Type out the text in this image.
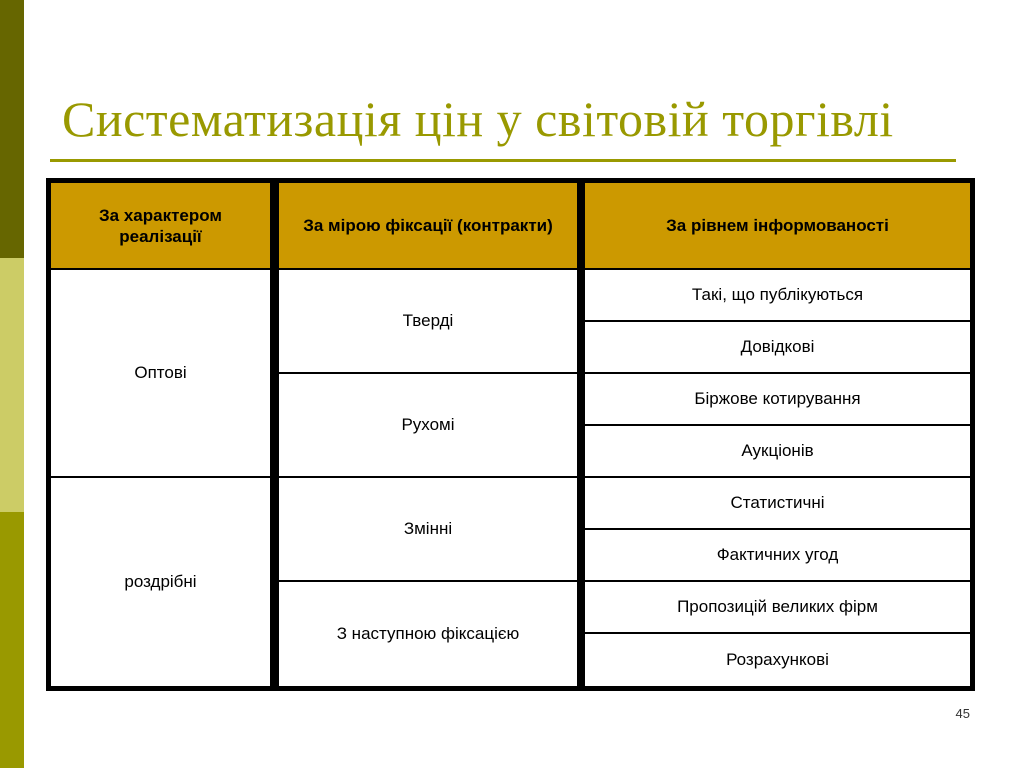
Систематизація цін у світовій торгівлі
За характером реалізації	За мірою фіксації (контракти)	За рівнем інформованості
Оптові	Тверді	Такі, що публікуються
		Довідкові
	Рухомі	Біржове котирування
		Аукціонів
роздрібні	Змінні	Статистичні
		Фактичних угод
	З наступною фіксацією	Пропозицій великих фірм
		Розрахункові
45
